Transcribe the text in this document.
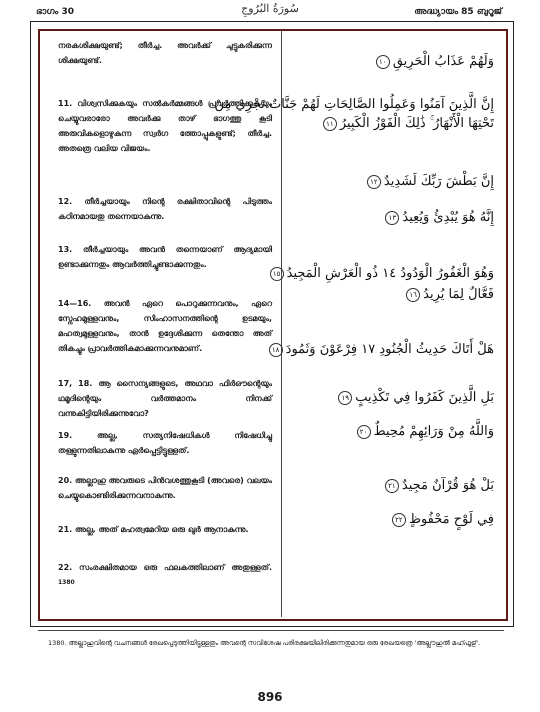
ഭാഗം 30	سُورَةُ البُرُوجِ	അദ്ധ്യായം 85 ബുറൂജ്
നരകശിക്ഷയുണ്ട്; തീർച്ച. അവർക്ക് ചുട്ടുകരിക്കുന്ന ശിക്ഷയുണ്ട്.
11. വിശ്വസിക്കുകയും സൽകർമ്മങ്ങൾ പ്രവർത്തിക്കുകയും ചെയ്യുവരാരോ അവർക്കു താഴ് ഭാഗത്തു കൂടി അരുവികളൊഴുകുന്ന സ്വർഗ ത്തോപ്പുകളുണ്ട്; തീർച്ച. അതത്രെ വലിയ വിജയം.
12. തീർച്ചയായും നിന്റെ രക്ഷിതാവിന്റെ പിടുത്തം കഠിനമായതു തന്നെയാകുന്നു.
13. തീർച്ചയായും അവൻ തന്നെയാണ് ആദ്യമായി ഉണ്ടാക്കുന്നതും ആവർത്തിച്ചുണ്ടാക്കുന്നതും.
14—16. അവൻ ഏറെ പൊറുക്കുന്നവനും, ഏറെ സ്നേഹമുള്ളവനും, സിംഹാസനത്തിന്റെ ഉടമയും, മഹത്വമുള്ളവനും, താൻ ഉദ്ദേശിക്കുന്ന തെന്തോ അത് തികച്ചും പ്രാവർത്തികമാക്കുന്നവനുമാണ്.
17, 18. ആ സൈന്യങ്ങളുടെ, അഥവാ ഫിർഔന്റെയും ഥമൂദിന്റെയും വർത്തമാനം നിനക്ക് വന്നുകിട്ടിയിരിക്കുന്നുവോ?
19. അല്ല, സത്യനിഷേധികൾ നിഷേധിച്ചു തള്ളുന്നതിലാകുന്നു ഏർപ്പെട്ടിട്ടുള്ളത്.
20. അല്ലാഹു അവരുടെ പിൻവശത്തുകൂടി (അവരെ) വലയം ചെയ്യുകൊണ്ടിരിക്കുന്നവനാകുന്നു.
21. അല്ല, അത് മഹത്വമേറിയ ഒരു ഖുർ ആനാകുന്നു.
22. സംരക്ഷിതമായ ഒരു ഫലകത്തിലാണ് അതുള്ളത്. $^{1380}$
وَلَهُمْ عَذَابُ الْحَرِيقِ١٠
إِنَّ الَّذِينَ آمَنُوا وَعَمِلُوا الصَّالِحَاتِ لَهُمْ جَنَّاتٌ تَجْرِي مِنْ
تَحْتِهَا الْأَنْهَارُ ۚ ذَٰلِكَ الْفَوْزُ الْكَبِيرُ١١
إِنَّ بَطْشَ رَبِّكَ لَشَدِيدٌ١٢
إِنَّهُ هُوَ يُبْدِئُ وَيُعِيدُ١٣
وَهُوَ الْغَفُورُ الْوَدُودُ ١٤ ذُو الْعَرْشِ الْمَجِيدُ١٥
فَعَّالٌ لِمَا يُرِيدُ١٦
هَلْ أَتَاكَ حَدِيثُ الْجُنُودِ ١٧ فِرْعَوْنَ وَثَمُودَ١٨
بَلِ الَّذِينَ كَفَرُوا فِي تَكْذِيبٍ١٩
وَاللَّهُ مِنْ وَرَائِهِمْ مُحِيطٌ٢٠
بَلْ هُوَ قُرْآنٌ مَجِيدٌ٢١
فِي لَوْحٍ مَحْفُوظٍ٢٢
1380. അല്ലാഹുവിന്റെ വചനങ്ങൾ രേഖപ്പെടുത്തിയിട്ടുള്ളതും അവന്റെ സവിശേഷ പരിരക്ഷയിലിരിക്കുന്നതുമായ ഒരു രേഖയത്രെ 'അല്ലൗഹുൽ മഹ്ഫൂള്'.
896
